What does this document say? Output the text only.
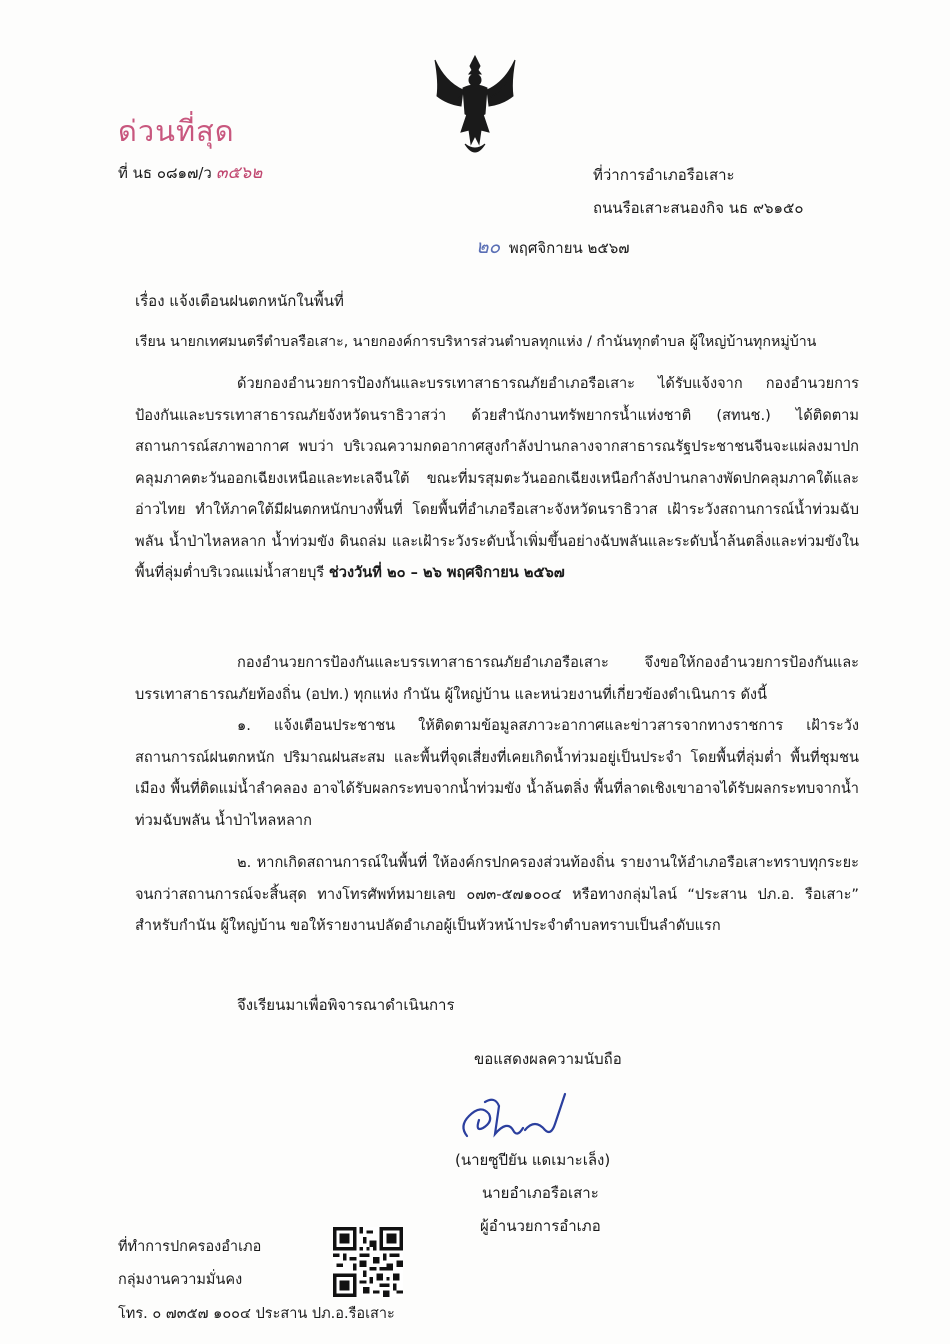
ด่วนที่สุด
ที่ นธ ๐๘๑๗/ว ๓๕๖๒	ที่ว่าการอำเภอรือเสาะ
ถนนรือเสาะสนองกิจ นธ ๙๖๑๕๐
๒๐ พฤศจิกายน ๒๕๖๗
เรื่อง แจ้งเตือนฝนตกหนักในพื้นที่
เรียน นายกเทศมนตรีตำบลรือเสาะ, นายกองค์การบริหารส่วนตำบลทุกแห่ง / กำนันทุกตำบล ผู้ใหญ่บ้านทุกหมู่บ้าน
ด้วยกองอำนวยการป้องกันและบรรเทาสาธารณภัยอำเภอรือเสาะ ได้รับแจ้งจาก กองอำนวยการป้องกันและบรรเทาสาธารณภัยจังหวัดนราธิวาสว่า ด้วยสำนักงานทรัพยากรน้ำแห่งชาติ (สทนช.) ได้ติดตามสถานการณ์สภาพอากาศ พบว่า บริเวณความกดอากาศสูงกำลังปานกลางจากสาธารณรัฐประชาชนจีนจะแผ่ลงมาปกคลุมภาคตะวันออกเฉียงเหนือและทะเลจีนใต้ ขณะที่มรสุมตะวันออกเฉียงเหนือกำลังปานกลางพัดปกคลุมภาคใต้และอ่าวไทย ทำให้ภาคใต้มีฝนตกหนักบางพื้นที่ โดยพื้นที่อำเภอรือเสาะจังหวัดนราธิวาส เฝ้าระวังสถานการณ์น้ำท่วมฉับพลัน น้ำป่าไหลหลาก น้ำท่วมขัง ดินถล่ม และเฝ้าระวังระดับน้ำเพิ่มขึ้นอย่างฉับพลันและระดับน้ำล้นตลิ่งและท่วมขังในพื้นที่ลุ่มต่ำบริเวณแม่น้ำสายบุรี ช่วงวันที่ ๒๐ – ๒๖ พฤศจิกายน ๒๕๖๗
กองอำนวยการป้องกันและบรรเทาสาธารณภัยอำเภอรือเสาะ จึงขอให้กองอำนวยการป้องกันและบรรเทาสาธารณภัยท้องถิ่น (อปท.) ทุกแห่ง กำนัน ผู้ใหญ่บ้าน และหน่วยงานที่เกี่ยวข้องดำเนินการ ดังนี้
๑. แจ้งเตือนประชาชน ให้ติดตามข้อมูลสภาวะอากาศและข่าวสารจากทางราชการ เฝ้าระวังสถานการณ์ฝนตกหนัก ปริมาณฝนสะสม และพื้นที่จุดเสี่ยงที่เคยเกิดน้ำท่วมอยู่เป็นประจำ โดยพื้นที่ลุ่มต่ำ พื้นที่ชุมชนเมือง พื้นที่ติดแม่น้ำลำคลอง อาจได้รับผลกระทบจากน้ำท่วมขัง น้ำล้นตลิ่ง พื้นที่ลาดเชิงเขาอาจได้รับผลกระทบจากน้ำท่วมฉับพลัน น้ำป่าไหลหลาก
๒. หากเกิดสถานการณ์ในพื้นที่ ให้องค์กรปกครองส่วนท้องถิ่น รายงานให้อำเภอรือเสาะทราบทุกระยะ จนกว่าสถานการณ์จะสิ้นสุด ทางโทรศัพท์หมายเลข ๐๗๓-๕๗๑๐๐๔ หรือทางกลุ่มไลน์ “ประสาน ปภ.อ. รือเสาะ” สำหรับกำนัน ผู้ใหญ่บ้าน ขอให้รายงานปลัดอำเภอผู้เป็นหัวหน้าประจำตำบลทราบเป็นลำดับแรก
จึงเรียนมาเพื่อพิจารณาดำเนินการ
ขอแสดงผลความนับถือ
(นายซูปียัน แดเมาะเล็ง)
นายอำเภอรือเสาะ
ผู้อำนวยการอำเภอ
ที่ทำการปกครองอำเภอ
กลุ่มงานความมั่นคง
โทร. ๐ ๗๓๕๗ ๑๐๐๔ ประสาน ปภ.อ.รือเสาะ
